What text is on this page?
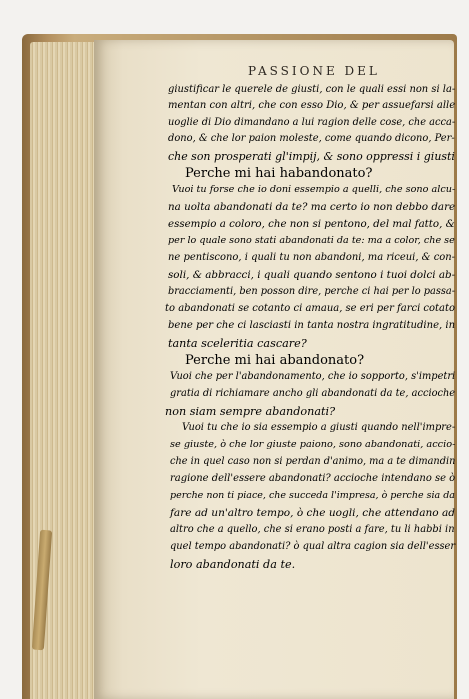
PASSIONE DEL
giustificar le querele de giusti, con le quali essi non si la-
mentan con altri, che con esso Dio, & per assuefarsi alle
uoglie di Dio dimandano a lui ragion delle cose, che acca-
dono, & che lor paion moleste, come quando dicono, Per-
che son prosperati gl'impij, & sono oppressi i giusti
Perche mi hai habandonato?
Vuoi tu forse che io doni essempio a quelli, che sono alcu-
na uolta abandonati da te? ma certo io non debbo dare
essempio a coloro, che non si pentono, del mal fatto, &
per lo quale sono stati abandonati da te: ma a color, che se
ne pentiscono, i quali tu non abandoni, ma riceui, & con-
soli, & abbracci, i quali quando sentono i tuoi dolci ab-
bracciamenti, ben posson dire, perche ci hai per lo passa-
to abandonati se cotanto ci amaua, se eri per farci cotato
bene per che ci lasciasti in tanta nostra ingratitudine, in
tanta sceleritia cascare?
Perche mi hai abandonato?
Vuoi che per l'abandonamento, che io sopporto, s'impetri
gratia di richiamare ancho gli abandonati da te, accioche
non siam sempre abandonati?
Vuoi tu che io sia essempio a giusti quando nell'impre-
se giuste, ò che lor giuste paiono, sono abandonati, accio-
che in quel caso non si perdan d'animo, ma a te dimandin
ragione dell'essere abandonati? accioche intendano se ò
perche non ti piace, che succeda l'impresa, ò perche sia da
fare ad un'altro tempo, ò che uogli, che attendano ad
altro che a quello, che si erano posti a fare, tu li habbi in
quel tempo abandonati? ò qual altra cagion sia dell'esser
loro abandonati da te.
